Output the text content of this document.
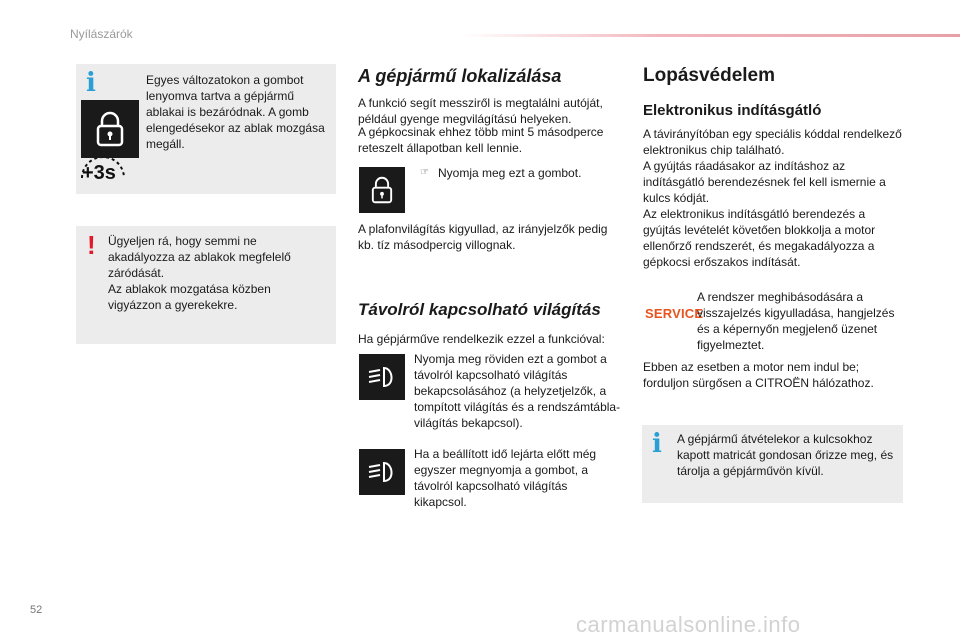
Nyílászárók
i
+3s
Egyes változatokon a gombot lenyomva tartva a gépjármű ablakai is bezáródnak. A gomb elengedésekor az ablak mozgása megáll.
! Ügyeljen rá, hogy semmi ne akadályozza az ablakok megfelelő záródását.
Az ablakok mozgatása közben vigyázzon a gyerekekre.
A gépjármű lokalizálása
A funkció segít messziről is megtalálni autóját, például gyenge megvilágítású helyeken.
A gépkocsinak ehhez több mint 5 másodperce reteszelt állapotban kell lennie.
☞ Nyomja meg ezt a gombot.
A plafonvilágítás kigyullad, az irányjelzők pedig kb. tíz másodpercig villognak.
Távolról kapcsolható világítás
Ha gépjárműve rendelkezik ezzel a funkcióval:
Nyomja meg röviden ezt a gombot a távolról kapcsolható világítás bekapcsolásához (a helyzetjelzők, a tompított világítás és a rendszámtábla-világítás bekapcsol).
Ha a beállított idő lejárta előtt még egyszer megnyomja a gombot, a távolról kapcsolható világítás kikapcsol.
Lopásvédelem
Elektronikus indításgátló
A távirányítóban egy speciális kóddal rendelkező elektronikus chip található.
A gyújtás ráadásakor az indításhoz az indításgátló berendezésnek fel kell ismernie a kulcs kódját.
Az elektronikus indításgátló berendezés a gyújtás levételét követően blokkolja a motor ellenőrző rendszerét, és megakadályozza a gépkocsi erőszakos indítását.
SERVICE
A rendszer meghibásodására a visszajelzés kigyulladása, hangjelzés és a képernyőn megjelenő üzenet figyelmeztet.
Ebben az esetben a motor nem indul be; forduljon sürgősen a CITROËN hálózathoz.
i A gépjármű átvételekor a kulcsokhoz kapott matricát gondosan őrizze meg, és tárolja a gépjárművön kívül.
52
carmanualsonline.info
